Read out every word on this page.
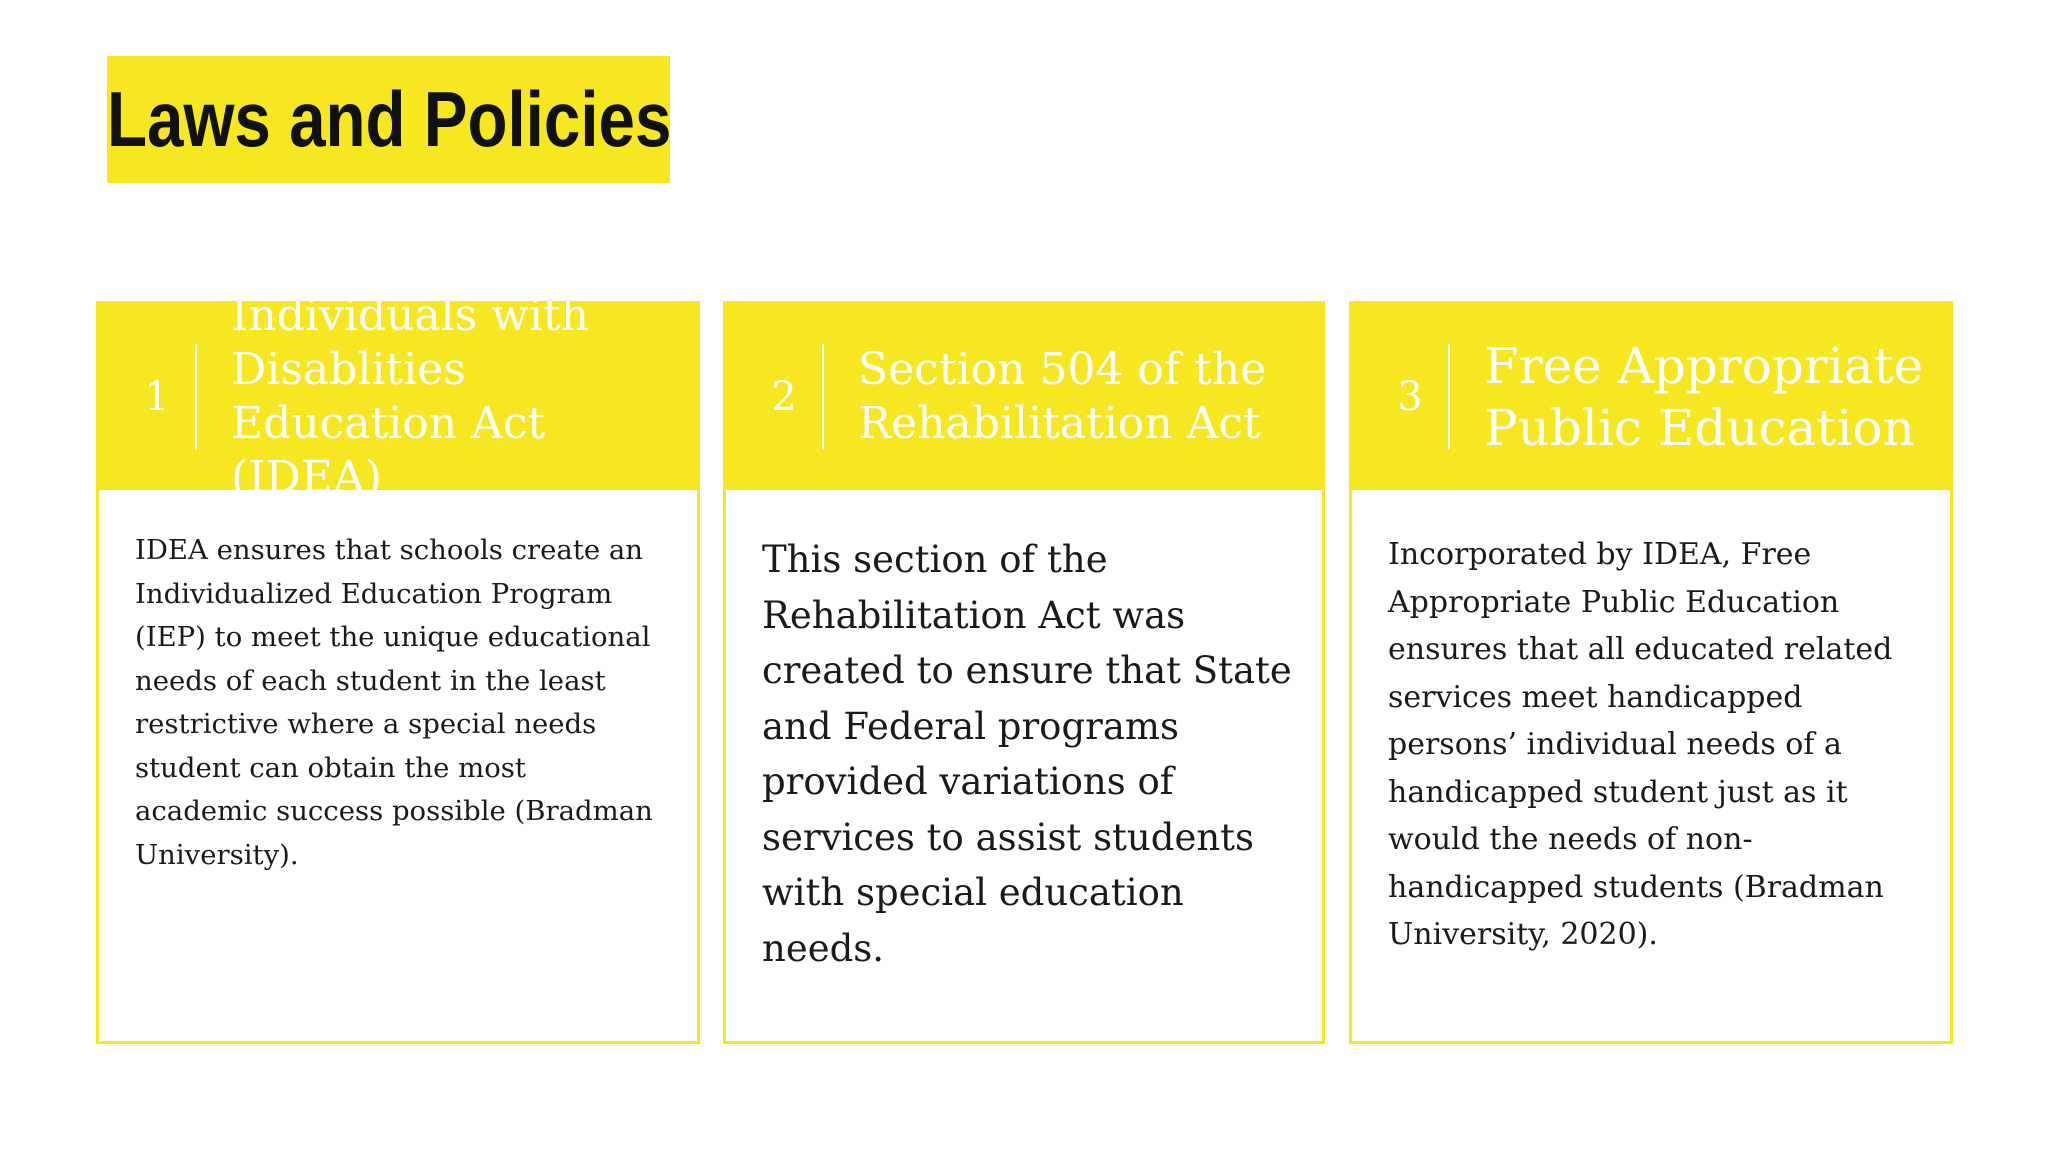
Laws and Policies
1
Individuals with Disablities Education Act (IDEA)
IDEA ensures that schools create an Individualized Education Program (IEP) to meet the unique educational needs of each student in the least restrictive where a special needs student can obtain the most academic success possible (Bradman University).
2
Section 504 of the Rehabilitation Act
This section of the Rehabilitation Act was created to ensure that State and Federal programs provided variations of services to assist students with special education needs.
3
Free Appropriate Public Education
Incorporated by IDEA, Free Appropriate Public Education ensures that all educated related services meet handicapped persons’ individual needs of a handicapped student just as it would the needs of non-handicapped students (Bradman University, 2020).
